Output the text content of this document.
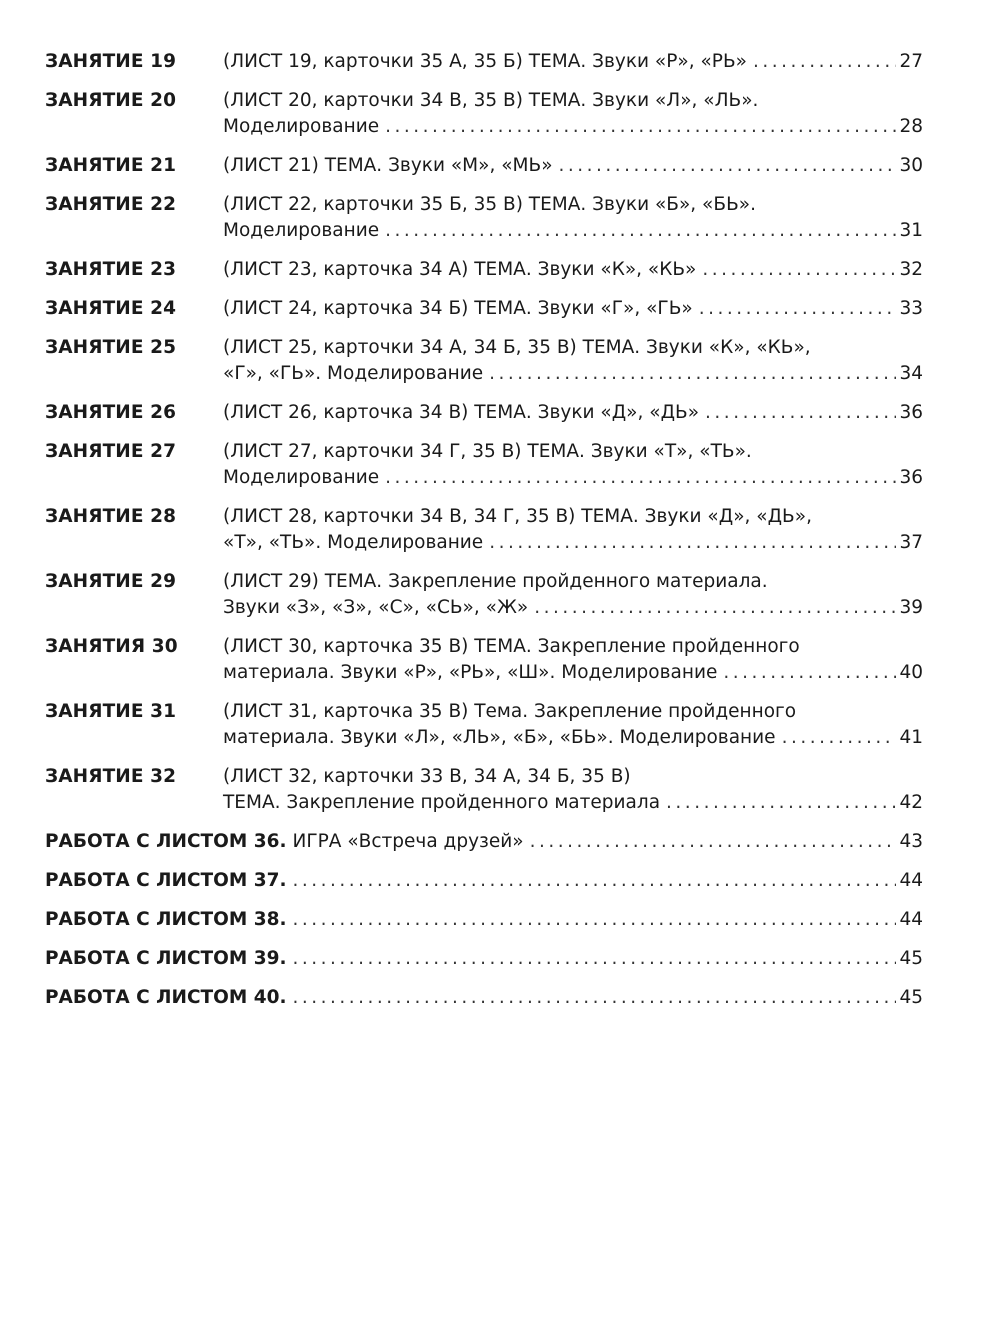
ЗАНЯТИЕ 19	(ЛИСТ 19, карточки 35 А, 35 Б) ТЕМА. Звуки «Р», «РЬ» .....	27
ЗАНЯТИЕ 20	(ЛИСТ 20, карточки 34 В, 35 В) ТЕМА. Звуки «Л», «ЛЬ».
Моделирование .....	28
ЗАНЯТИЕ 21	(ЛИСТ 21) ТЕМА. Звуки «М», «МЬ» .....	30
ЗАНЯТИЕ 22	(ЛИСТ 22, карточки 35 Б, 35 В) ТЕМА. Звуки «Б», «БЬ».
Моделирование .....	31
ЗАНЯТИЕ 23	(ЛИСТ 23, карточка 34 А) ТЕМА. Звуки «К», «КЬ» .....	32
ЗАНЯТИЕ 24	(ЛИСТ 24, карточка 34 Б) ТЕМА. Звуки «Г», «ГЬ» .....	33
ЗАНЯТИЕ 25	(ЛИСТ 25, карточки 34 А, 34 Б, 35 В) ТЕМА. Звуки «К», «КЬ»,
«Г», «ГЬ». Моделирование .....	34
ЗАНЯТИЕ 26	(ЛИСТ 26, карточка 34 В) ТЕМА. Звуки «Д», «ДЬ» .....	36
ЗАНЯТИЕ 27	(ЛИСТ 27, карточки 34 Г, 35 В) ТЕМА. Звуки «Т», «ТЬ».
Моделирование .....	36
ЗАНЯТИЕ 28	(ЛИСТ 28, карточки 34 В, 34 Г, 35 В) ТЕМА. Звуки «Д», «ДЬ»,
«Т», «ТЬ». Моделирование .....	37
ЗАНЯТИЕ 29	(ЛИСТ 29) ТЕМА. Закрепление пройденного материала.
Звуки «З», «З», «С», «СЬ», «Ж» .....	39
ЗАНЯТИЯ 30	(ЛИСТ 30, карточка 35 В) ТЕМА. Закрепление пройденного
материала. Звуки «Р», «РЬ», «Ш». Моделирование .....	40
ЗАНЯТИЕ 31	(ЛИСТ 31, карточка 35 В) Тема. Закрепление пройденного
материала. Звуки «Л», «ЛЬ», «Б», «БЬ». Моделирование .....	41
ЗАНЯТИЕ 32	(ЛИСТ 32, карточки 33 В, 34 А, 34 Б, 35 В)
ТЕМА. Закрепление пройденного материала .....	42
РАБОТА С ЛИСТОМ 36. ИГРА «Встреча друзей» .....	43
РАБОТА С ЛИСТОМ 37. .....	44
РАБОТА С ЛИСТОМ 38. .....	44
РАБОТА С ЛИСТОМ 39. .....	45
РАБОТА С ЛИСТОМ 40. .....	45
